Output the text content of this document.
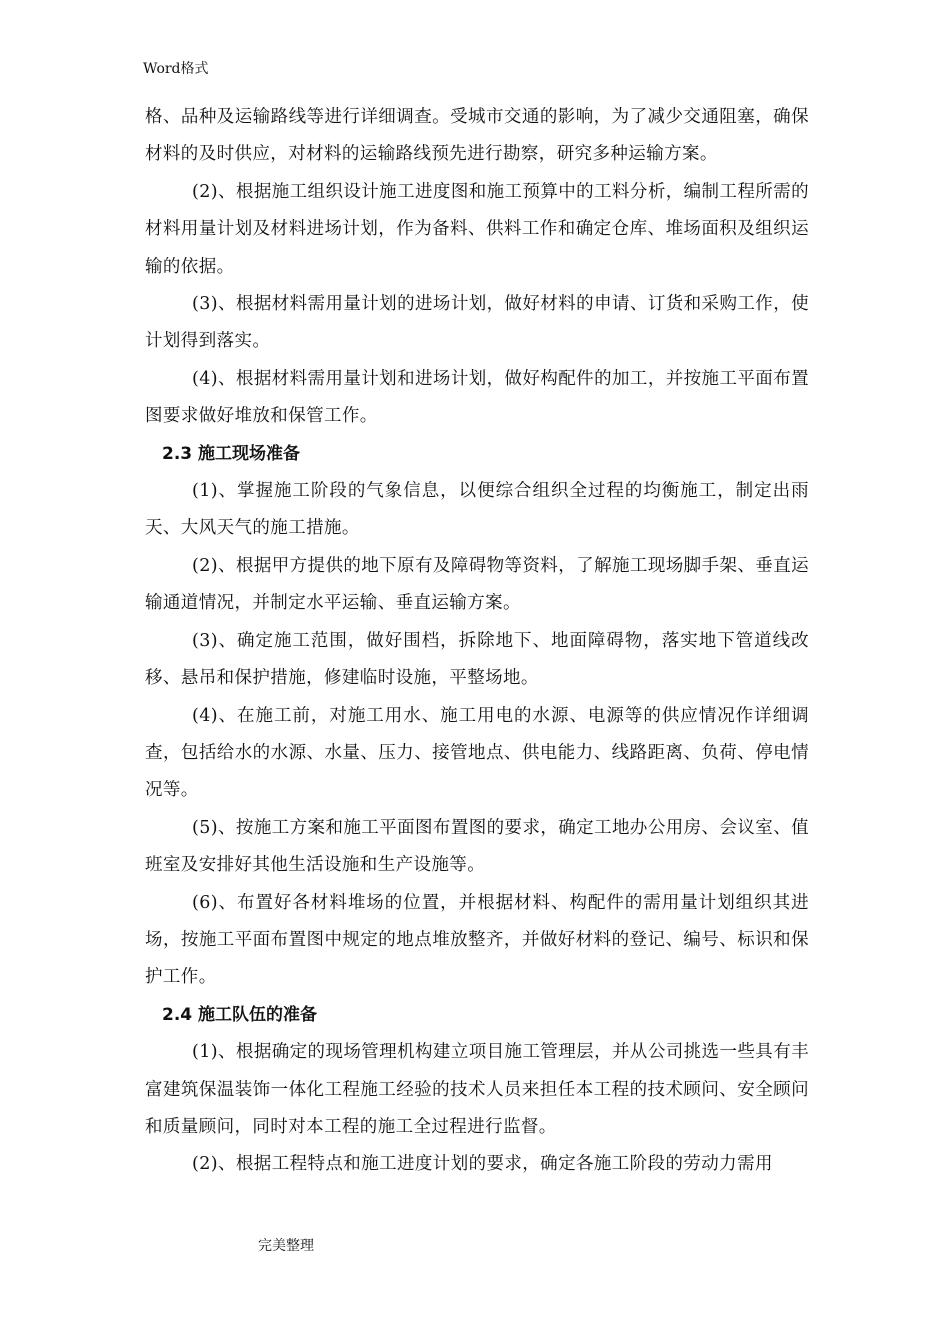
Word格式

格、品种及运输路线等进行详细调查。受城市交通的影响，为了减少交通阻塞，确保材料的及时供应，对材料的运输路线预先进行勘察，研究多种运输方案。

(2)、根据施工组织设计施工进度图和施工预算中的工料分析，编制工程所需的材料用量计划及材料进场计划，作为备料、供料工作和确定仓库、堆场面积及组织运输的依据。

(3)、根据材料需用量计划的进场计划，做好材料的申请、订货和采购工作，使计划得到落实。

(4)、根据材料需用量计划和进场计划，做好构配件的加工，并按施工平面布置图要求做好堆放和保管工作。

2.3 施工现场准备

(1)、掌握施工阶段的气象信息，以便综合组织全过程的均衡施工，制定出雨天、大风天气的施工措施。

(2)、根据甲方提供的地下原有及障碍物等资料，了解施工现场脚手架、垂直运输通道情况，并制定水平运输、垂直运输方案。

(3)、确定施工范围，做好围档，拆除地下、地面障碍物，落实地下管道线改移、悬吊和保护措施，修建临时设施，平整场地。

(4)、在施工前，对施工用水、施工用电的水源、电源等的供应情况作详细调查，包括给水的水源、水量、压力、接管地点、供电能力、线路距离、负荷、停电情况等。

(5)、按施工方案和施工平面图布置图的要求，确定工地办公用房、会议室、值班室及安排好其他生活设施和生产设施等。

(6)、布置好各材料堆场的位置，并根据材料、构配件的需用量计划组织其进场，按施工平面布置图中规定的地点堆放整齐，并做好材料的登记、编号、标识和保护工作。

2.4 施工队伍的准备

(1)、根据确定的现场管理机构建立项目施工管理层，并从公司挑选一些具有丰富建筑保温装饰一体化工程施工经验的技术人员来担任本工程的技术顾问、安全顾问和质量顾问，同时对本工程的施工全过程进行监督。

(2)、根据工程特点和施工进度计划的要求，确定各施工阶段的劳动力需用

完美整理
